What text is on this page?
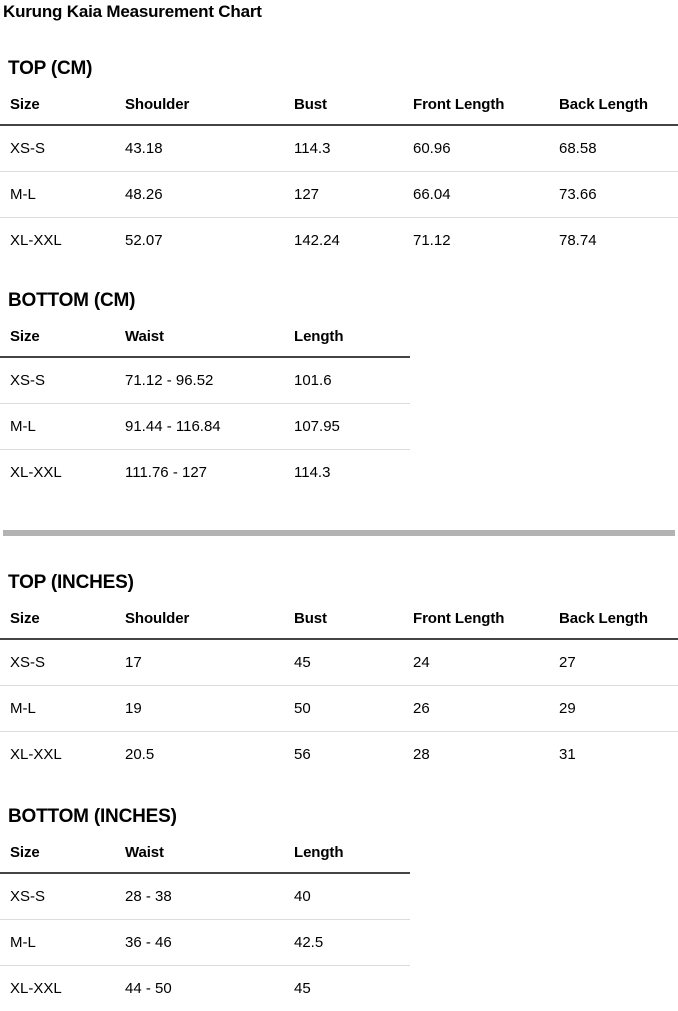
Kurung Kaia Measurement Chart
TOP (CM)
Size	Shoulder	Bust	Front Length	Back Length
XS-S	43.18	114.3	60.96	68.58
M-L	48.26	127	66.04	73.66
XL-XXL	52.07	142.24	71.12	78.74
BOTTOM (CM)
Size	Waist	Length
XS-S	71.12 - 96.52	101.6
M-L	91.44 - 116.84	107.95
XL-XXL	111.76 - 127	114.3
TOP (INCHES)
Size	Shoulder	Bust	Front Length	Back Length
XS-S	17	45	24	27
M-L	19	50	26	29
XL-XXL	20.5	56	28	31
BOTTOM (INCHES)
Size	Waist	Length
XS-S	28 - 38	40
M-L	36 - 46	42.5
XL-XXL	44 - 50	45
